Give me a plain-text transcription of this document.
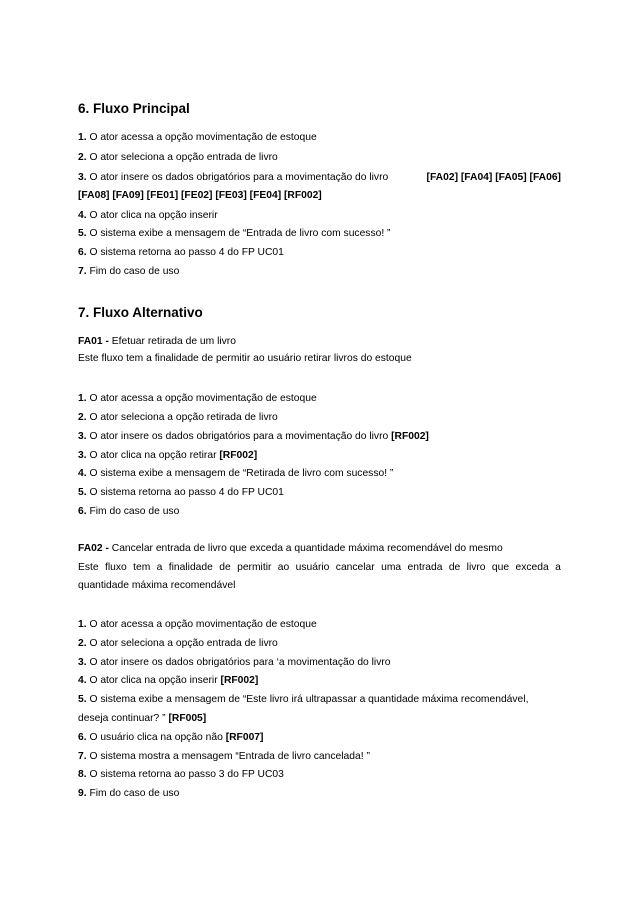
6. Fluxo Principal
1. O ator acessa a opção movimentação de estoque
2. O ator seleciona a opção entrada de livro
3. O ator insere os dados obrigatórios para a movimentação do livro	[FA02] [FA04] [FA05] [FA06]
[FA08] [FA09] [FE01] [FE02] [FE03] [FE04] [RF002]
4. O ator clica na opção inserir
5. O sistema exibe a mensagem de “Entrada de livro com sucesso! ”
6. O sistema retorna ao passo 4 do FP UC01
7. Fim do caso de uso
7. Fluxo Alternativo
FA01 - Efetuar retirada de um livro
Este fluxo tem a finalidade de permitir ao usuário retirar livros do estoque
1. O ator acessa a opção movimentação de estoque
2. O ator seleciona a opção retirada de livro
3. O ator insere os dados obrigatórios para a movimentação do livro [RF002]
3. O ator clica na opção retirar [RF002]
4. O sistema exibe a mensagem de “Retirada de livro com sucesso! ”
5. O sistema retorna ao passo 4 do FP UC01
6. Fim do caso de uso
FA02 - Cancelar entrada de livro que exceda a quantidade máxima recomendável do mesmo
Este fluxo tem a finalidade de permitir ao usuário cancelar uma entrada de livro que exceda a
quantidade máxima recomendável
1. O ator acessa a opção movimentação de estoque
2. O ator seleciona a opção entrada de livro
3. O ator insere os dados obrigatórios para ‘a movimentação do livro
4. O ator clica na opção inserir [RF002]
5. O sistema exibe a mensagem de “Este livro irá ultrapassar a quantidade máxima recomendável,
deseja continuar? ” [RF005]
6. O usuário clica na opção não [RF007]
7. O sistema mostra a mensagem “Entrada de livro cancelada! ”
8. O sistema retorna ao passo 3 do FP UC03
9. Fim do caso de uso
